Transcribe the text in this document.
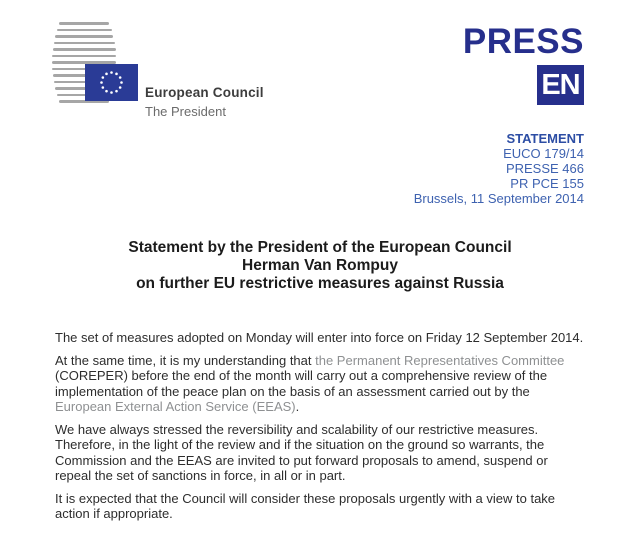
European Council
The President
PRESS
EN
STATEMENT
EUCO 179/14
PRESSE 466
PR PCE 155
Brussels, 11 September 2014
Statement by the President of the European Council
Herman Van Rompuy
on further EU restrictive measures against Russia

The set of measures adopted on Monday will enter into force on Friday 12 September 2014.

At the same time, it is my understanding that the Permanent Representatives Committee (COREPER) before the end of the month will carry out a comprehensive review of the implementation of the peace plan on the basis of an assessment carried out by the European External Action Service (EEAS).

We have always stressed the reversibility and scalability of our restrictive measures. Therefore, in the light of the review and if the situation on the ground so warrants, the Commission and the EEAS are invited to put forward proposals to amend, suspend or repeal the set of sanctions in force, in all or in part.

It is expected that the Council will consider these proposals urgently with a view to take action if appropriate.
